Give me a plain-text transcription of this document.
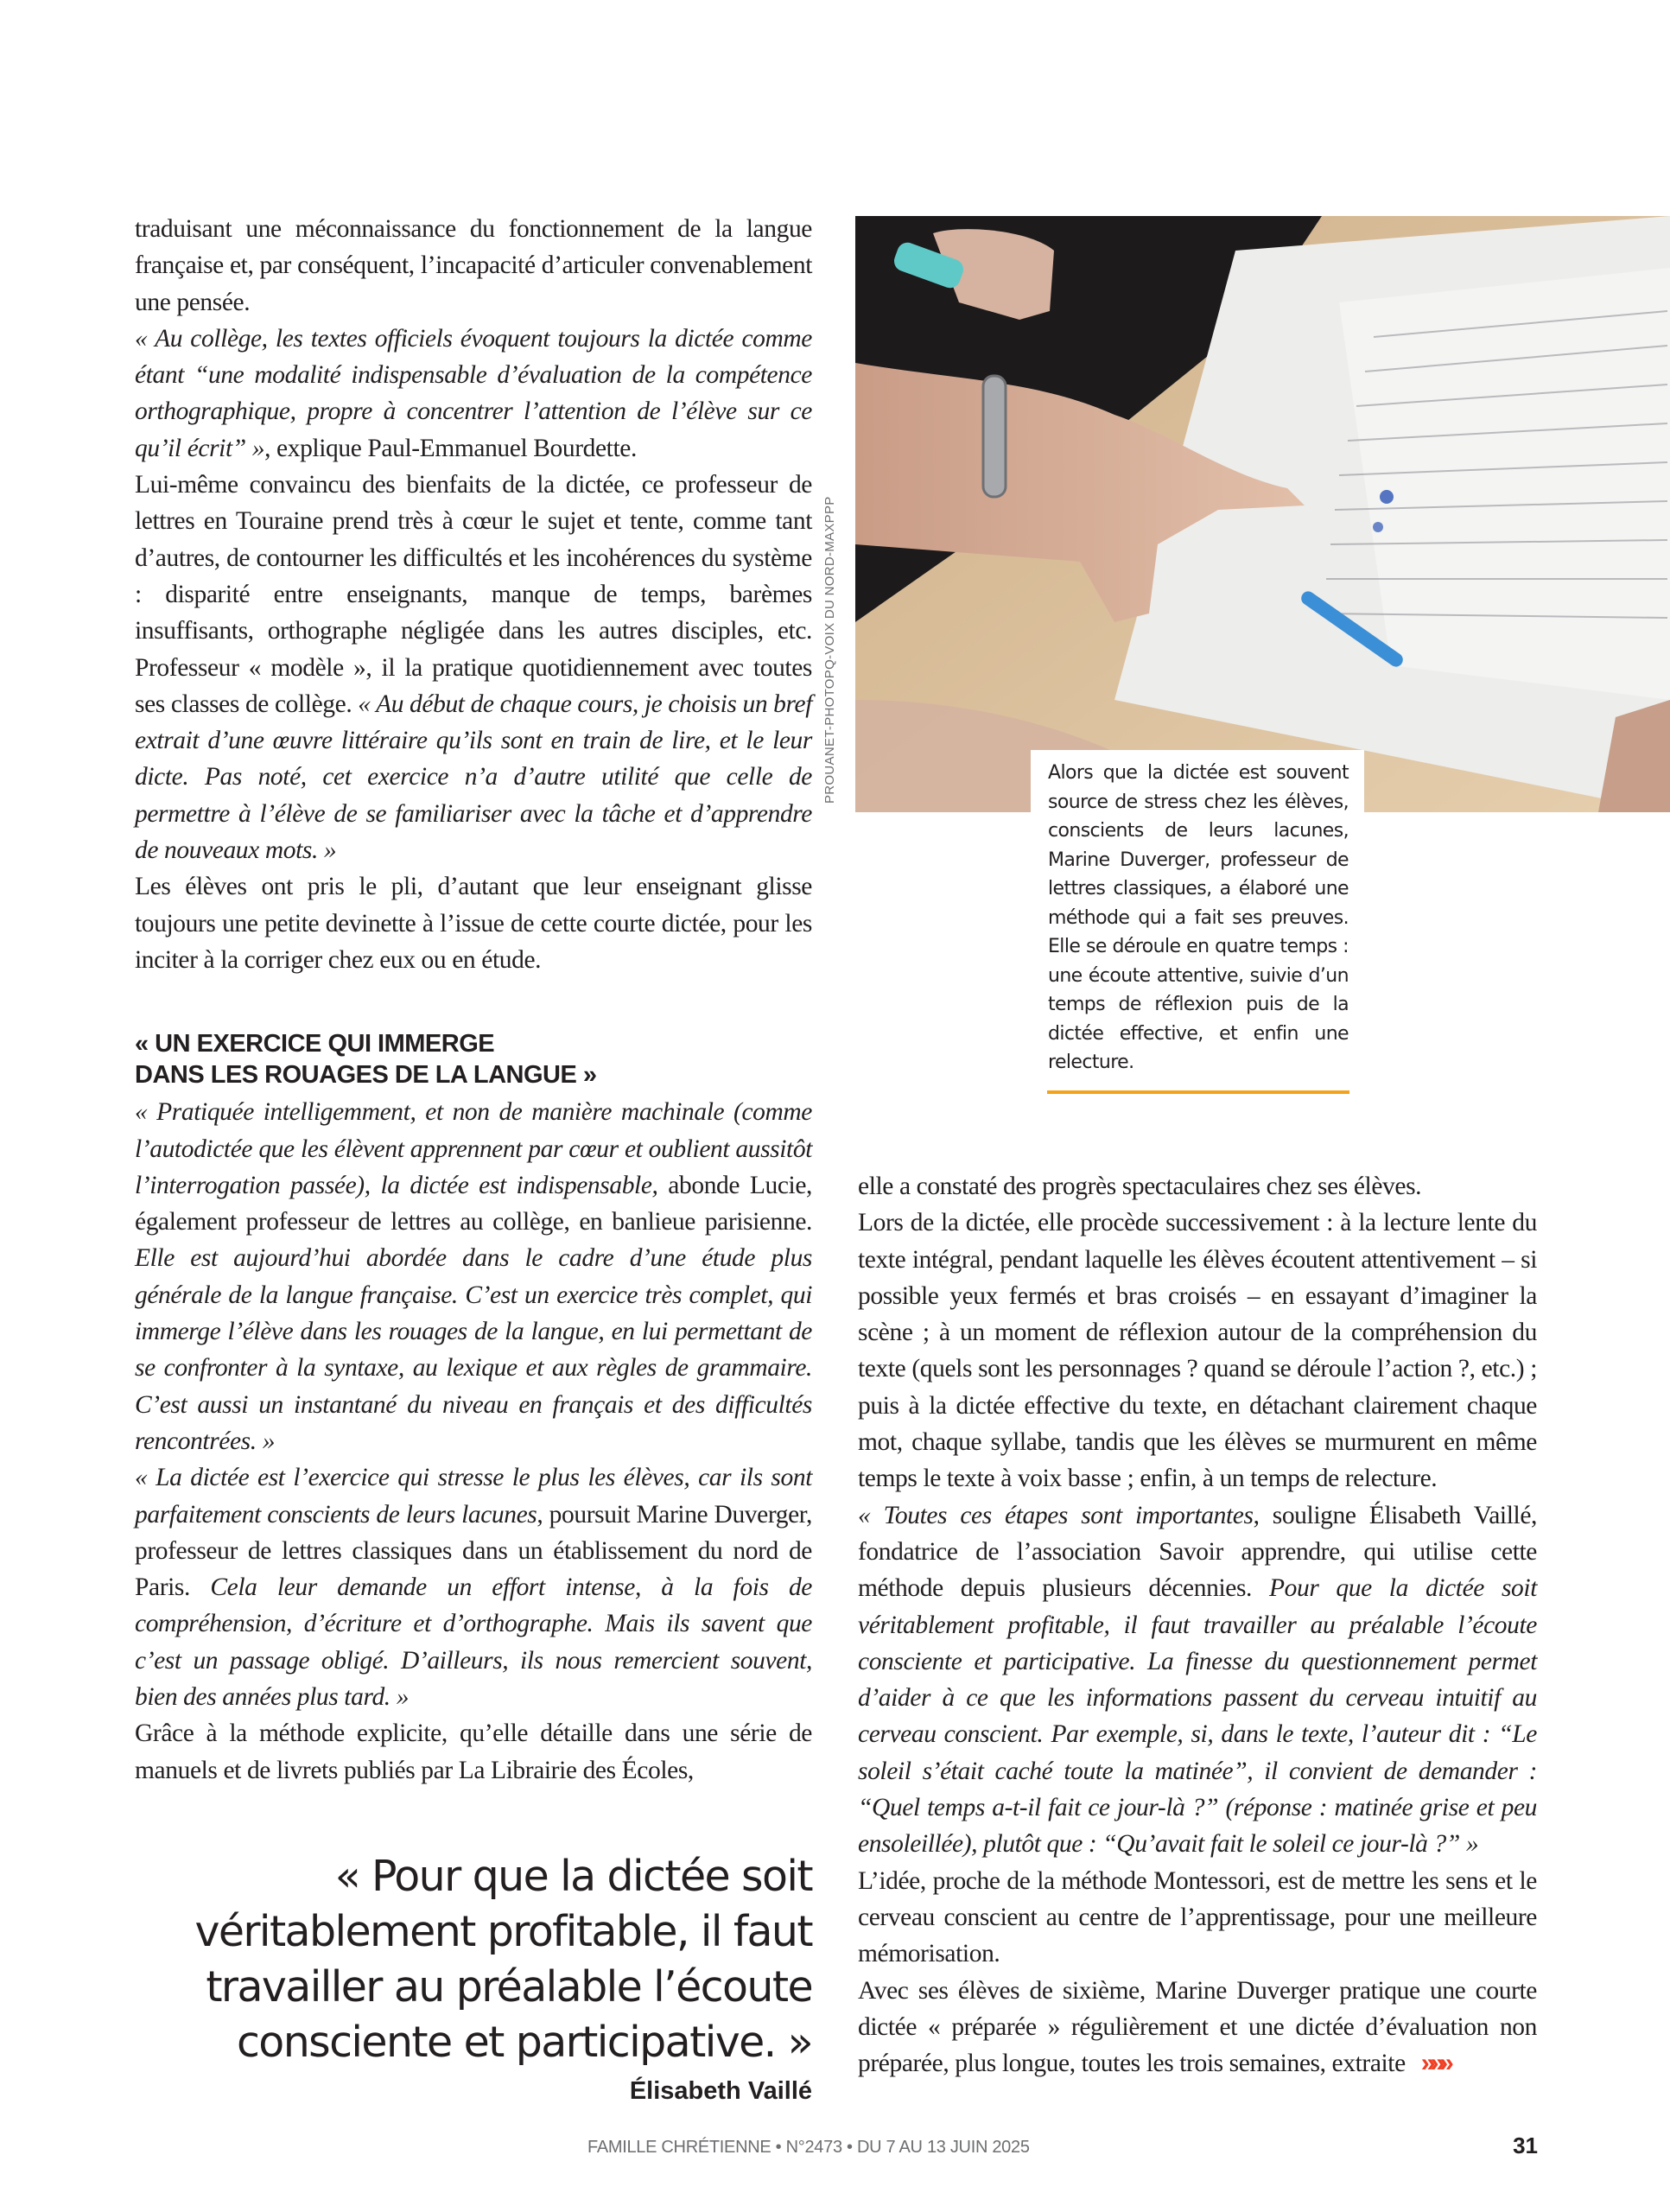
traduisant une méconnaissance du fonctionnement de la langue française et, par conséquent, l’incapacité d’articuler convenablement une pensée.

« Au collège, les textes officiels évoquent toujours la dictée comme étant “une modalité indispensable d’évaluation de la compétence orthographique, propre à concentrer l’attention de l’élève sur ce qu’il écrit” », explique Paul-Emmanuel Bourdette.

Lui-même convaincu des bienfaits de la dictée, ce professeur de lettres en Touraine prend très à cœur le sujet et tente, comme tant d’autres, de contourner les difficultés et les incohérences du système : disparité entre enseignants, manque de temps, barèmes insuffisants, orthographe négligée dans les autres disciples, etc. Professeur « modèle », il la pratique quotidiennement avec toutes ses classes de collège. « Au début de chaque cours, je choisis un bref extrait d’une œuvre littéraire qu’ils sont en train de lire, et le leur dicte. Pas noté, cet exercice n’a d’autre utilité que celle de permettre à l’élève de se familiariser avec la tâche et d’apprendre de nouveaux mots. »

Les élèves ont pris le pli, d’autant que leur enseignant glisse toujours une petite devinette à l’issue de cette courte dictée, pour les inciter à la corriger chez eux ou en étude.

« UN EXERCICE QUI IMMERGE
DANS LES ROUAGES DE LA LANGUE »

« Pratiquée intelligemment, et non de manière machinale (comme l’autodictée que les élèvent apprennent par cœur et oublient aussitôt l’interrogation passée), la dictée est indispensable, abonde Lucie, également professeur de lettres au collège, en banlieue parisienne. Elle est aujourd’hui abordée dans le cadre d’une étude plus générale de la langue française. C’est un exercice très complet, qui immerge l’élève dans les rouages de la langue, en lui permettant de se confronter à la syntaxe, au lexique et aux règles de grammaire. C’est aussi un instantané du niveau en français et des difficultés rencontrées. »

« La dictée est l’exercice qui stresse le plus les élèves, car ils sont parfaitement conscients de leurs lacunes, poursuit Marine Duverger, professeur de lettres classiques dans un établissement du nord de Paris. Cela leur demande un effort intense, à la fois de compréhension, d’écriture et d’orthographe. Mais ils savent que c’est un passage obligé. D’ailleurs, ils nous remercient souvent, bien des années plus tard. »

Grâce à la méthode explicite, qu’elle détaille dans une série de manuels et de livrets publiés par La Librairie des Écoles,

« Pour que la dictée soit véritablement profitable, il faut travailler au préalable l’écoute consciente et participative. »
Élisabeth Vaillé
PROUANET-PHOTOPQ-VOIX DU NORD-MAXPPP	Alors que la dictée est souvent source de stress chez les élèves, conscients de leurs lacunes, Marine Duverger, professeur de lettres classiques, a élaboré une méthode qui a fait ses preuves. Elle se déroule en quatre temps : une écoute attentive, suivie d’un temps de réflexion puis de la dictée effective, et enfin une relecture.

elle a constaté des progrès spectaculaires chez ses élèves.

Lors de la dictée, elle procède successivement : à la lecture lente du texte intégral, pendant laquelle les élèves écoutent attentivement – si possible yeux fermés et bras croisés – en essayant d’imaginer la scène ; à un moment de réflexion autour de la compréhension du texte (quels sont les personnages ? quand se déroule l’action ?, etc.) ; puis à la dictée effective du texte, en détachant clairement chaque mot, chaque syllabe, tandis que les élèves se murmurent en même temps le texte à voix basse ; enfin, à un temps de relecture.

« Toutes ces étapes sont importantes, souligne Élisabeth Vaillé, fondatrice de l’association Savoir apprendre, qui utilise cette méthode depuis plusieurs décennies. Pour que la dictée soit véritablement profitable, il faut travailler au préalable l’écoute consciente et participative. La finesse du questionnement permet d’aider à ce que les informations passent du cerveau intuitif au cerveau conscient. Par exemple, si, dans le texte, l’auteur dit : “Le soleil s’était caché toute la matinée”, il convient de demander : “Quel temps a-t-il fait ce jour-là ?” (réponse : matinée grise et peu ensoleillée), plutôt que : “Qu’avait fait le soleil ce jour-là ?” »

L’idée, proche de la méthode Montessori, est de mettre les sens et le cerveau conscient au centre de l’apprentissage, pour une meilleure mémorisation.

Avec ses élèves de sixième, Marine Duverger pratique une courte dictée « préparée » régulièrement et une dictée d’évaluation non préparée, plus longue, toutes les trois semaines, extraite »»»

FAMILLE CHRÉTIENNE • N°2473 • DU 7 AU 13 JUIN 2025	31
